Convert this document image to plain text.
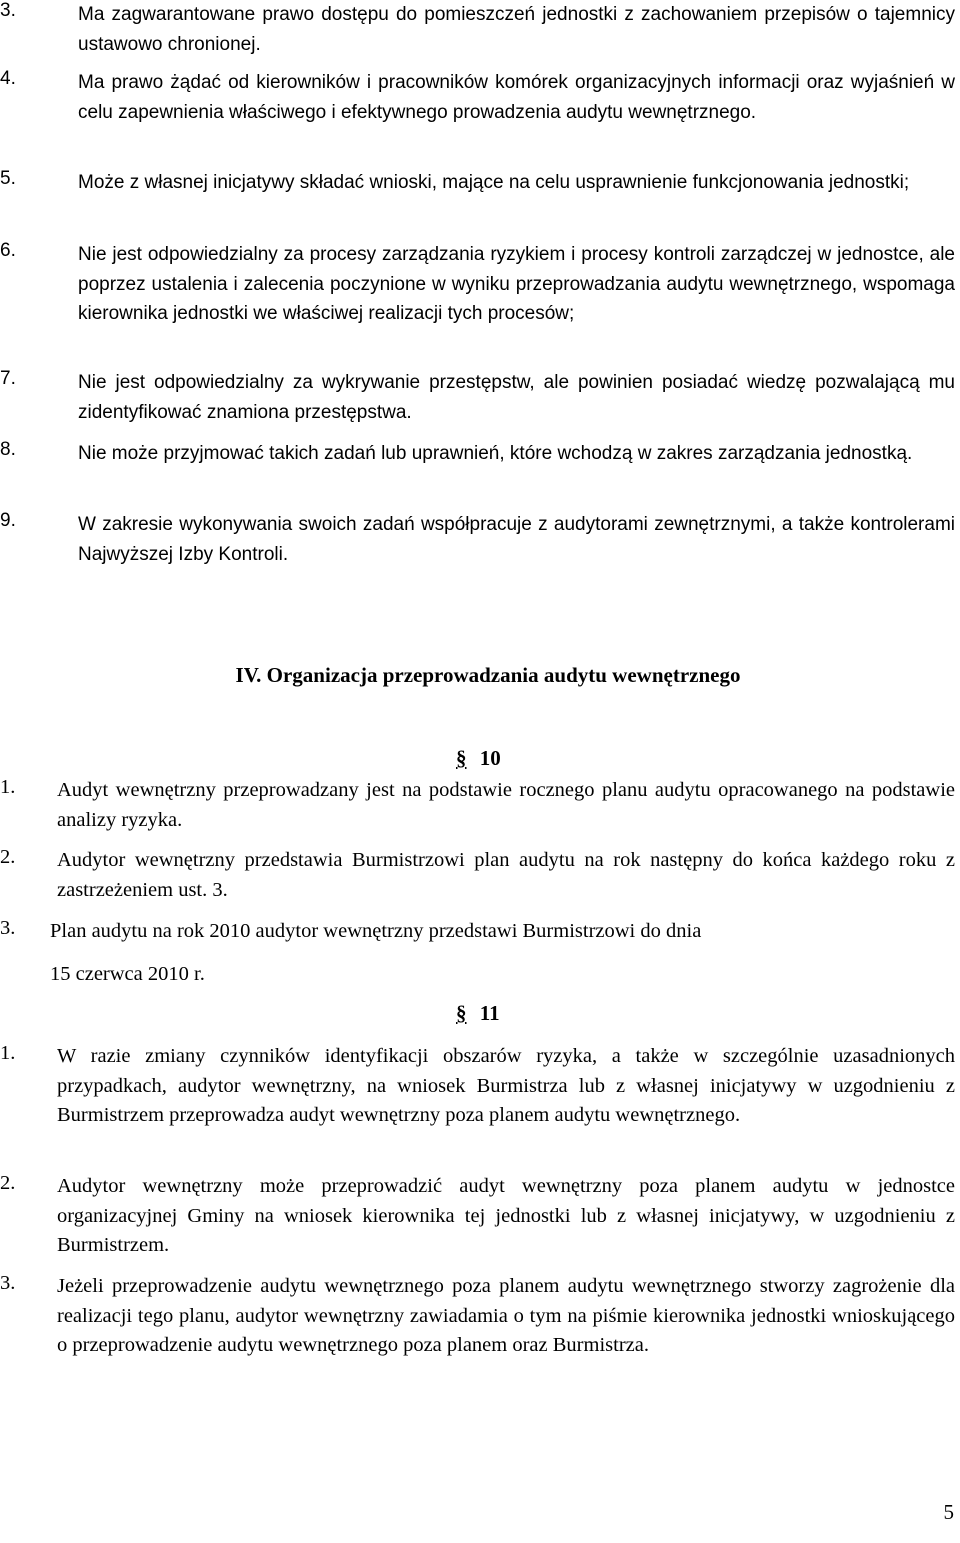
3.	Ma zagwarantowane prawo dostępu do pomieszczeń jednostki z zachowaniem przepisów o tajemnicy ustawowo chronionej.
4.	Ma prawo żądać od kierowników i pracowników komórek organizacyjnych informacji oraz wyjaśnień w celu zapewnienia właściwego i efektywnego prowadzenia audytu wewnętrznego.
5.	Może z własnej inicjatywy składać wnioski, mające na celu usprawnienie funkcjonowania jednostki;
6.	Nie jest odpowiedzialny za procesy zarządzania ryzykiem i procesy kontroli zarządczej w jednostce, ale poprzez ustalenia i zalecenia poczynione w wyniku przeprowadzania audytu wewnętrznego, wspomaga kierownika jednostki we właściwej realizacji tych procesów;
7.	Nie jest odpowiedzialny za wykrywanie przestępstw, ale powinien posiadać wiedzę pozwalającą mu zidentyfikować znamiona przestępstwa.
8.	Nie może przyjmować takich zadań lub uprawnień, które wchodzą w zakres zarządzania jednostką.
9.	W zakresie wykonywania swoich zadań współpracuje z audytorami zewnętrznymi, a także kontrolerami Najwyższej Izby Kontroli.
IV. Organizacja przeprowadzania audytu wewnętrznego
§ 10
1. Audyt wewnętrzny przeprowadzany jest na podstawie rocznego planu audytu opracowanego na podstawie analizy ryzyka.
2. Audytor wewnętrzny przedstawia Burmistrzowi plan audytu na rok następny do końca każdego roku z zastrzeżeniem ust. 3.
3. Plan audytu na rok 2010 audytor wewnętrzny przedstawi Burmistrzowi do dnia
15 czerwca 2010 r.
§ 11
1. W razie zmiany czynników identyfikacji obszarów ryzyka, a także w szczególnie uzasadnionych przypadkach, audytor wewnętrzny, na wniosek Burmistrza lub z własnej inicjatywy w uzgodnieniu z Burmistrzem przeprowadza audyt wewnętrzny poza planem audytu wewnętrznego.
2. Audytor wewnętrzny może przeprowadzić audyt wewnętrzny poza planem audytu w jednostce organizacyjnej Gminy na wniosek kierownika tej jednostki lub z własnej inicjatywy, w uzgodnieniu z Burmistrzem.
3. Jeżeli przeprowadzenie audytu wewnętrznego poza planem audytu wewnętrznego stworzy zagrożenie dla realizacji tego planu, audytor wewnętrzny zawiadamia o tym na piśmie kierownika jednostki wnioskującego o przeprowadzenie audytu wewnętrznego poza planem oraz Burmistrza.
5
